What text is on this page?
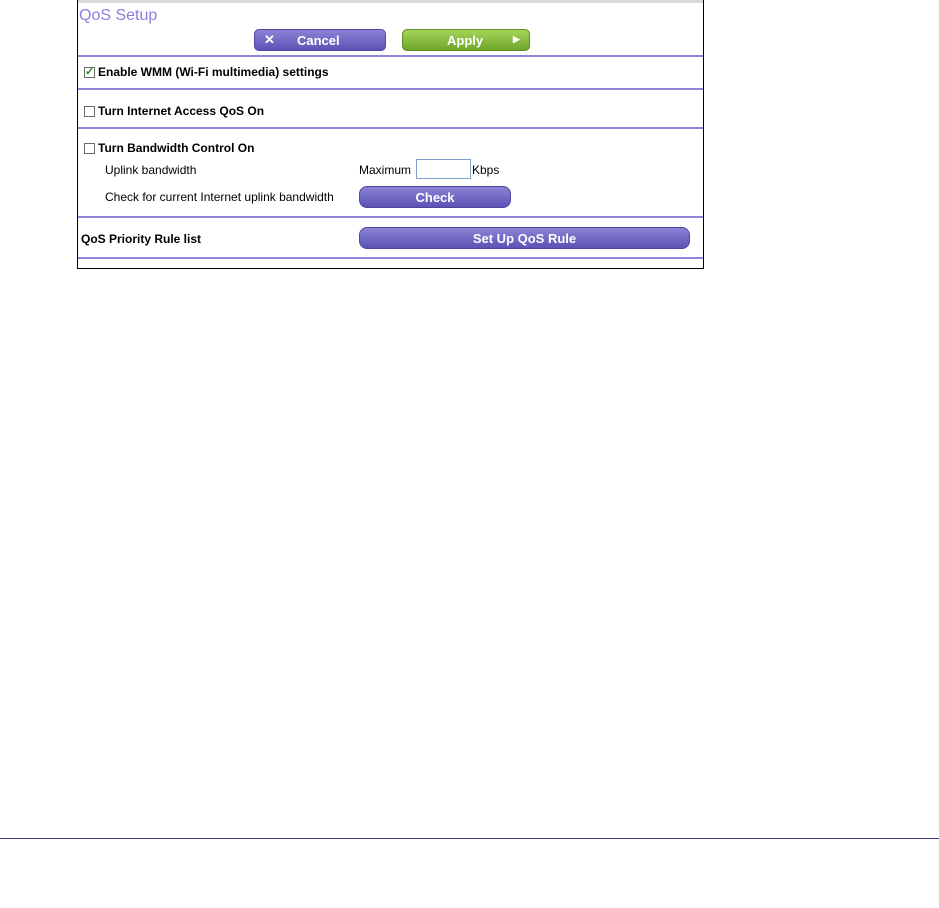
QoS Setup
✕ Cancel	Apply	▶
✓
Enable WMM (Wi-Fi multimedia) settings
Turn Internet Access QoS On
Turn Bandwidth Control On
Uplink bandwidth	Maximum	Kbps
Check for current Internet uplink bandwidth	Check
QoS Priority Rule list	Set Up QoS Rule
